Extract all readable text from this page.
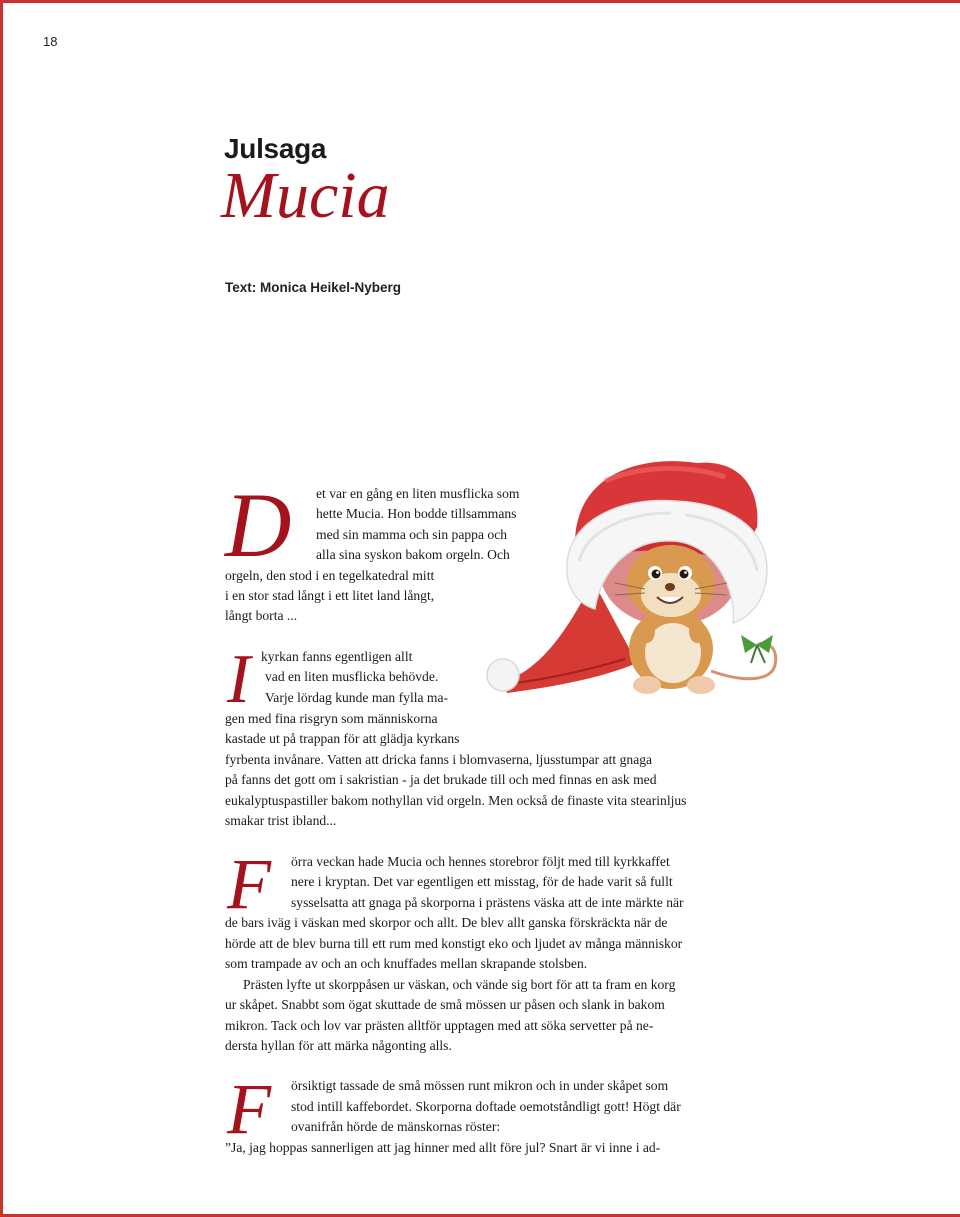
18
Julsaga
Mucia
Text: Monica Heikel-Nyberg
D et var en gång en liten musflicka som
hette Mucia. Hon bodde tillsammans
med sin mamma och sin pappa och
alla sina syskon bakom orgeln. Och
orgeln, den stod i en tegelkatedral mitt
i en stor stad långt i ett litet land långt,
långt borta ...
I kyrkan fanns egentligen allt
vad en liten musflicka behövde.
Varje lördag kunde man fylla ma-
gen med fina risgryn som människorna
kastade ut på trappan för att glädja kyrkans
fyrbenta invånare. Vatten att dricka fanns i blomvaserna, ljusstumpar att gnaga
på fanns det gott om i sakristian - ja det brukade till och med finnas en ask med
eukalyptuspastiller bakom nothyllan vid orgeln. Men också de finaste vita stearinljus
smakar trist ibland...
F örra veckan hade Mucia och hennes storebror följt med till kyrkkaffet
nere i kryptan. Det var egentligen ett misstag, för de hade varit så fullt
sysselsatta att gnaga på skorporna i prästens väska att de inte märkte när
de bars iväg i väskan med skorpor och allt. De blev allt ganska förskräckta när de
hörde att de blev burna till ett rum med konstigt eko och ljudet av många människor
som trampade av och an och knuffades mellan skrapande stolsben.
Prästen lyfte ut skorppåsen ur väskan, och vände sig bort för att ta fram en korg
ur skåpet. Snabbt som ögat skuttade de små mössen ur påsen och slank in bakom
mikron. Tack och lov var prästen alltför upptagen med att söka servetter på ne-
dersta hyllan för att märka någonting alls.
F örsiktigt tassade de små mössen runt mikron och in under skåpet som
stod intill kaffebordet. Skorporna doftade oemotståndligt gott! Högt där
ovanifrån hörde de mänskornas röster:
”Ja, jag hoppas sannerligen att jag hinner med allt före jul? Snart är vi inne i ad-
